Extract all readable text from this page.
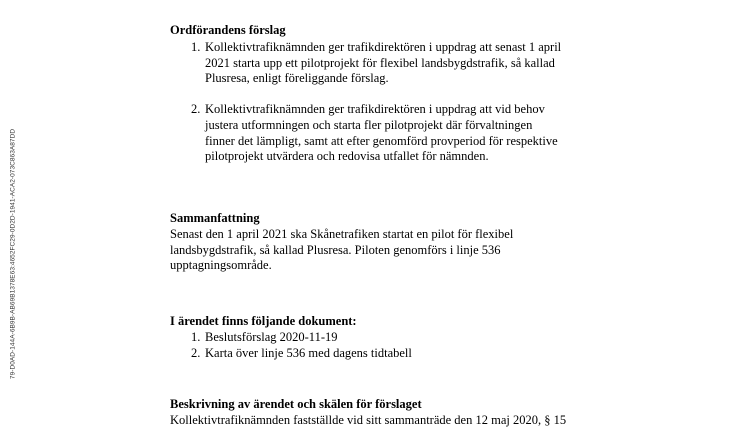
79-D0AD-144A-6B9B-AB69B1378E63:4652FC29-0D2D-1941-ACA2-073C863A87DD
Ordförandens förslag
1. Kollektivtrafiknämnden ger trafikdirektören i uppdrag att senast 1 april
2021 starta upp ett pilotprojekt för flexibel landsbygdstrafik, så kallad
Plusresa, enligt föreliggande förslag.
2. Kollektivtrafiknämnden ger trafikdirektören i uppdrag att vid behov
justera utformningen och starta fler pilotprojekt där förvaltningen
finner det lämpligt, samt att efter genomförd provperiod för respektive
pilotprojekt utvärdera och redovisa utfallet för nämnden.
Sammanfattning
Senast den 1 april 2021 ska Skånetrafiken startat en pilot för flexibel
landsbygdstrafik, så kallad Plusresa. Piloten genomförs i linje 536
upptagningsområde.
I ärendet finns följande dokument:
1. Beslutsförslag 2020-11-19
2. Karta över linje 536 med dagens tidtabell
Beskrivning av ärendet och skälen för förslaget
Kollektivtrafiknämnden fastställde vid sitt sammanträde den 12 maj 2020, § 15
